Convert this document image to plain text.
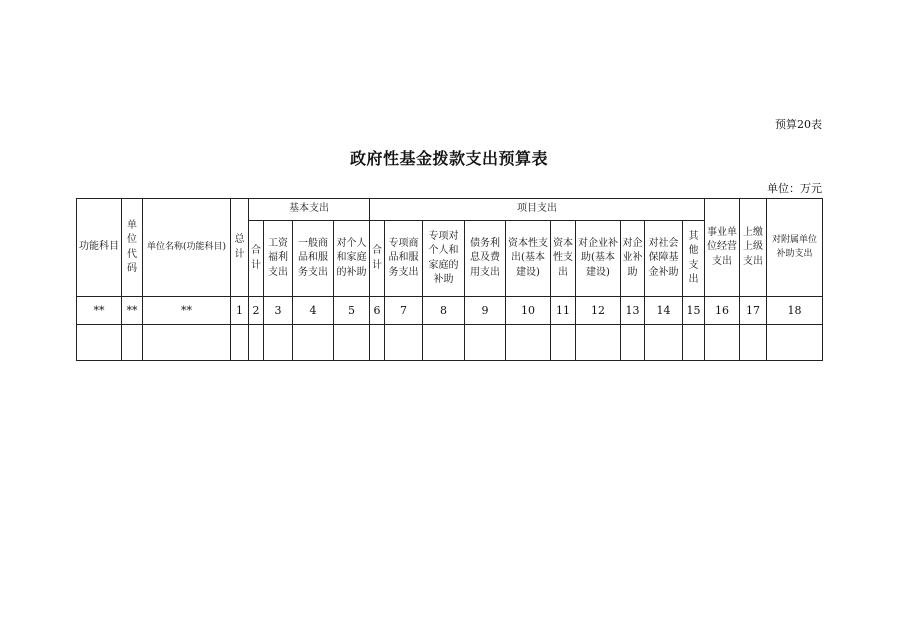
预算20表
政府性基金拨款支出预算表
单位：万元
功能科目	单位代码	单位名称(功能科目)	总计	基本支出				项目支出										事业单位经营支出	上缴上级支出	对附属单位补助支出
				合计	工资福利支出	一般商品和服务支出	对个人和家庭的补助	合计	专项商品和服务支出	专项对个人和家庭的补助	债务利息及费用支出	资本性支出(基本建设)	资本性支出	对企业补助(基本建设)	对企业补助	对社会保障基金补助	其他支出			
**	**	**	1	2	3	4	5	6	7	8	9	10	11	12	13	14	15	16	17	18
